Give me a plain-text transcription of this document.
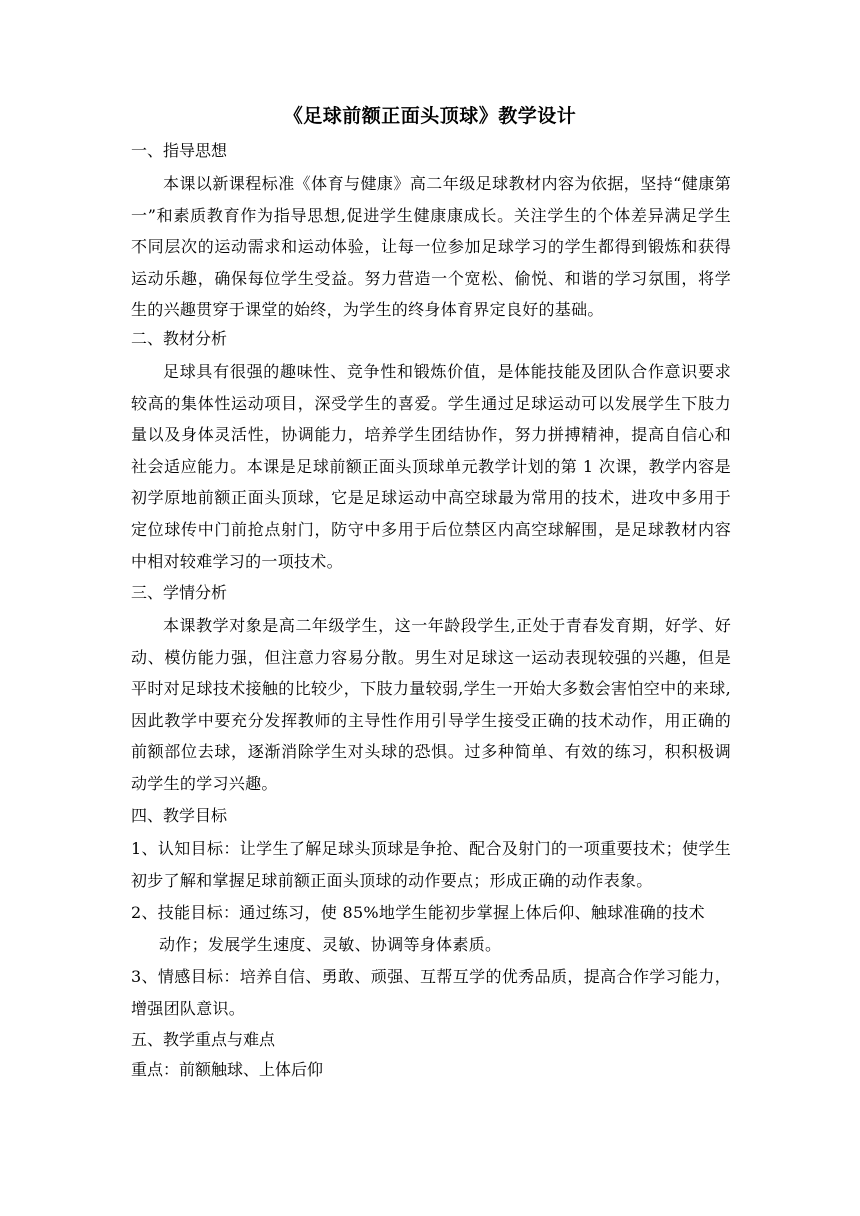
《足球前额正面头顶球》教学设计
一、指导思想
本课以新课程标准《体育与健康》高二年级足球教材内容为依据，坚持“健康第一”和素质教育作为指导思想,促进学生健康康成长。关注学生的个体差异满足学生不同层次的运动需求和运动体验，让每一位参加足球学习的学生都得到锻炼和获得运动乐趣，确保每位学生受益。努力营造一个宽松、偷悦、和谐的学习氛围，将学生的兴趣贯穿于课堂的始终，为学生的终身体育界定良好的基础。
二、教材分析
足球具有很强的趣味性、竞争性和锻炼价值，是体能技能及团队合作意识要求较高的集体性运动项目，深受学生的喜爱。学生通过足球运动可以发展学生下肢力量以及身体灵活性，协调能力，培养学生团结协作，努力拼搏精神，提高自信心和社会适应能力。本课是足球前额正面头顶球单元教学计划的第 1 次课，教学内容是初学原地前额正面头顶球，它是足球运动中高空球最为常用的技术，进攻中多用于定位球传中门前抢点射门，防守中多用于后位禁区内高空球解围，是足球教材内容中相对较难学习的一项技术。
三、学情分析
本课教学对象是高二年级学生，这一年龄段学生,正处于青春发育期，好学、好动、模仿能力强，但注意力容易分散。男生对足球这一运动表现较强的兴趣，但是平时对足球技术接触的比较少，下肢力量较弱,学生一开始大多数会害怕空中的来球,因此教学中要充分发挥教师的主导性作用引导学生接受正确的技术动作，用正确的前额部位去球，逐渐消除学生对头球的恐惧。过多种简单、有效的练习，积积极调动学生的学习兴趣。
四、教学目标
1、认知目标：让学生了解足球头顶球是争抢、配合及射门的一项重要技术；使学生初步了解和掌握足球前额正面头顶球的动作要点；形成正确的动作表象。
2、技能目标：通过练习，使 85%地学生能初步掌握上体后仰、触球准确的技术
动作；发展学生速度、灵敏、协调等身体素质。
3、情感目标：培养自信、勇敢、顽强、互帮互学的优秀品质，提高合作学习能力，增强团队意识。
五、教学重点与难点
重点：前额触球、上体后仰
